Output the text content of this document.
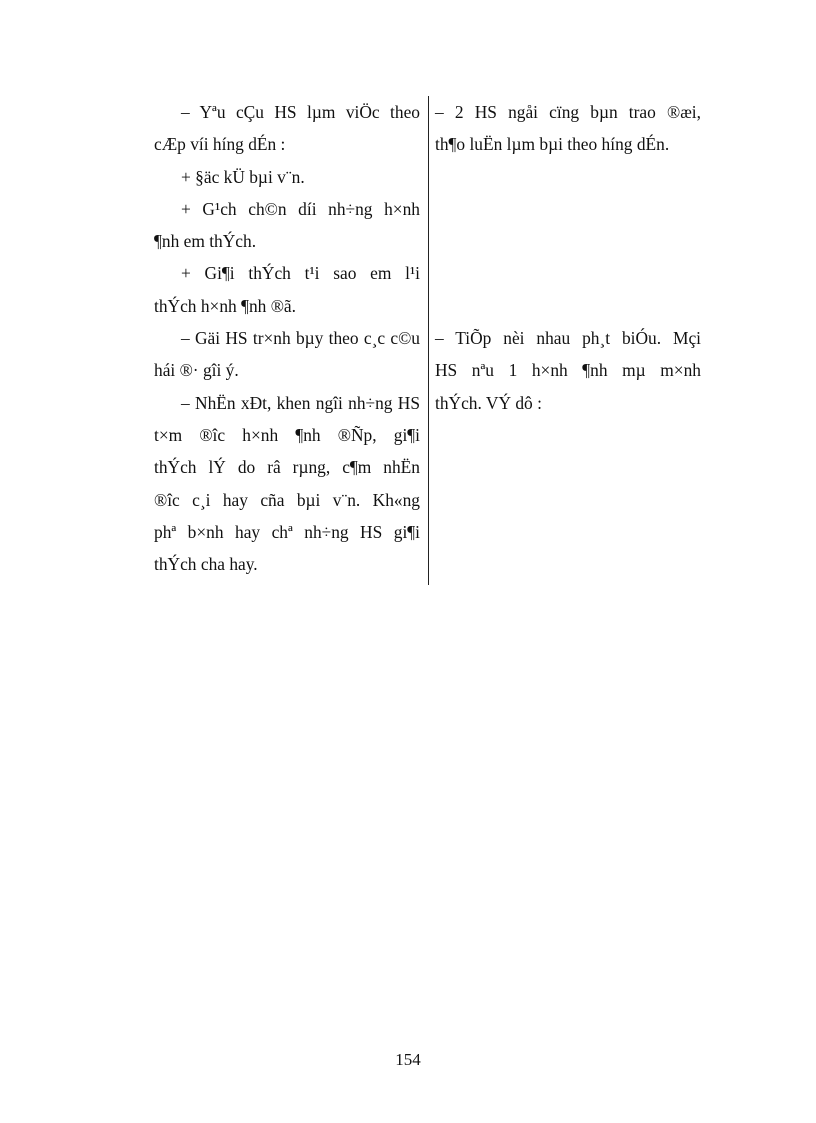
– Yªu cÇu HS lµm viÖc theo
cÆp víi híng dÉn :
+ §äc kÜ bµi v¨n.
+ G¹ch ch©n díi nh÷ng h×nh
¶nh em thÝch.
+ Gi¶i thÝch t¹i sao em l¹i
thÝch h×nh ¶nh ®ã.
– Gäi HS tr×nh bµy theo c¸c c©u
hái ®· gîi ý.
– NhËn xÐt, khen ngîi nh÷ng HS
t×m ®îc h×nh ¶nh ®Ñp, gi¶i
thÝch lÝ do râ rµng, c¶m nhËn
®îc c¸i hay cña bµi v¨n. Kh«ng
phª b×nh hay chª nh÷ng HS gi¶i
thÝch cha hay.
– 2 HS ngåi cïng bµn trao ®æi,
th¶o luËn lµm bµi theo híng dÉn.
– TiÕp nèi nhau ph¸t biÓu. Mçi
HS nªu 1 h×nh ¶nh mµ m×nh
thÝch. VÝ dô :
154
